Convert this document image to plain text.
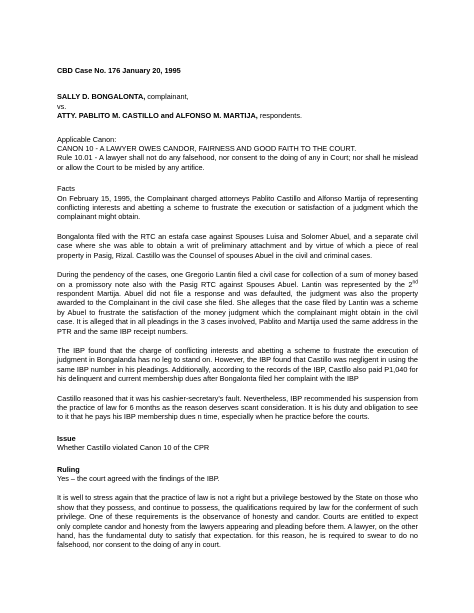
CBD Case No. 176 January 20, 1995

SALLY D. BONGALONTA, complainant,
vs.
ATTY. PABLITO M. CASTILLO and ALFONSO M. MARTIJA, respondents.

Applicable Canon:

CANON 10 - A LAWYER OWES CANDOR, FAIRNESS AND GOOD FAITH TO THE COURT.

Rule 10.01 - A lawyer shall not do any falsehood, nor consent to the doing of any in Court; nor shall he mislead or allow the Court to be misled by any artifice.

Facts

On February 15, 1995, the Complainant charged attorneys Pablito Castillo and Alfonso Martija of representing conflicting interests and abetting a scheme to frustrate the execution or satisfaction of a judgment which the complainant might obtain.

Bongalonta filed with the RTC an estafa case against Spouses Luisa and Solomer Abuel, and a separate civil case where she was able to obtain a writ of preliminary attachment and by virtue of which a piece of real property in Pasig, Rizal. Castillo was the Counsel of spouses Abuel in the civil and criminal cases.

During the pendency of the cases, one Gregorio Lantin filed a civil case for collection of a sum of money based on a promissory note also with the Pasig RTC against Spouses Abuel. Lantin was represented by the 2nd respondent Martija. Abuel did not file a response and was defaulted, the judgment was also the property awarded to the Complainant in the civil case she filed. She alleges that the case filed by Lantin was a scheme by Abuel to frustrate the satisfaction of the money judgment which the complainant might obtain in the civil case. It is alleged that in all pleadings in the 3 cases involved, Pablito and Martija used the same address in the PTR and the same IBP receipt numbers.

The IBP found that the charge of conflicting interests and abetting a scheme to frustrate the execution of judgment in Bongalanda has no leg to stand on. However, the IBP found that Castillo was negligent in using the same IBP number in his pleadings. Additionally, according to the records of the IBP, Castllo also paid P1,040 for his delinquent and current membership dues after Bongalonta filed her complaint with the IBP

Castillo reasoned that it was his cashier-secretary’s fault. Nevertheless, IBP recommended his suspension from the practice of law for 6 months as the reason deserves scant consideration. It is his duty and obligation to see to it that he pays his IBP membership dues n time, especially when he practice before the courts.

Issue

Whether Castillo violated Canon 10 of the CPR

Ruling

Yes – the court agreed with the findings of the IBP.

It is well to stress again that the practice of law is not a right but a privilege bestowed by the State on those who show that they possess, and continue to possess, the qualifications required by law for the conferment of such privilege. One of these requirements is the observance of honesty and candor. Courts are entitled to expect only complete candor and honesty from the lawyers appearing and pleading before them. A lawyer, on the other hand, has the fundamental duty to satisfy that expectation. for this reason, he is required to swear to do no falsehood, nor consent to the doing of any in court.
